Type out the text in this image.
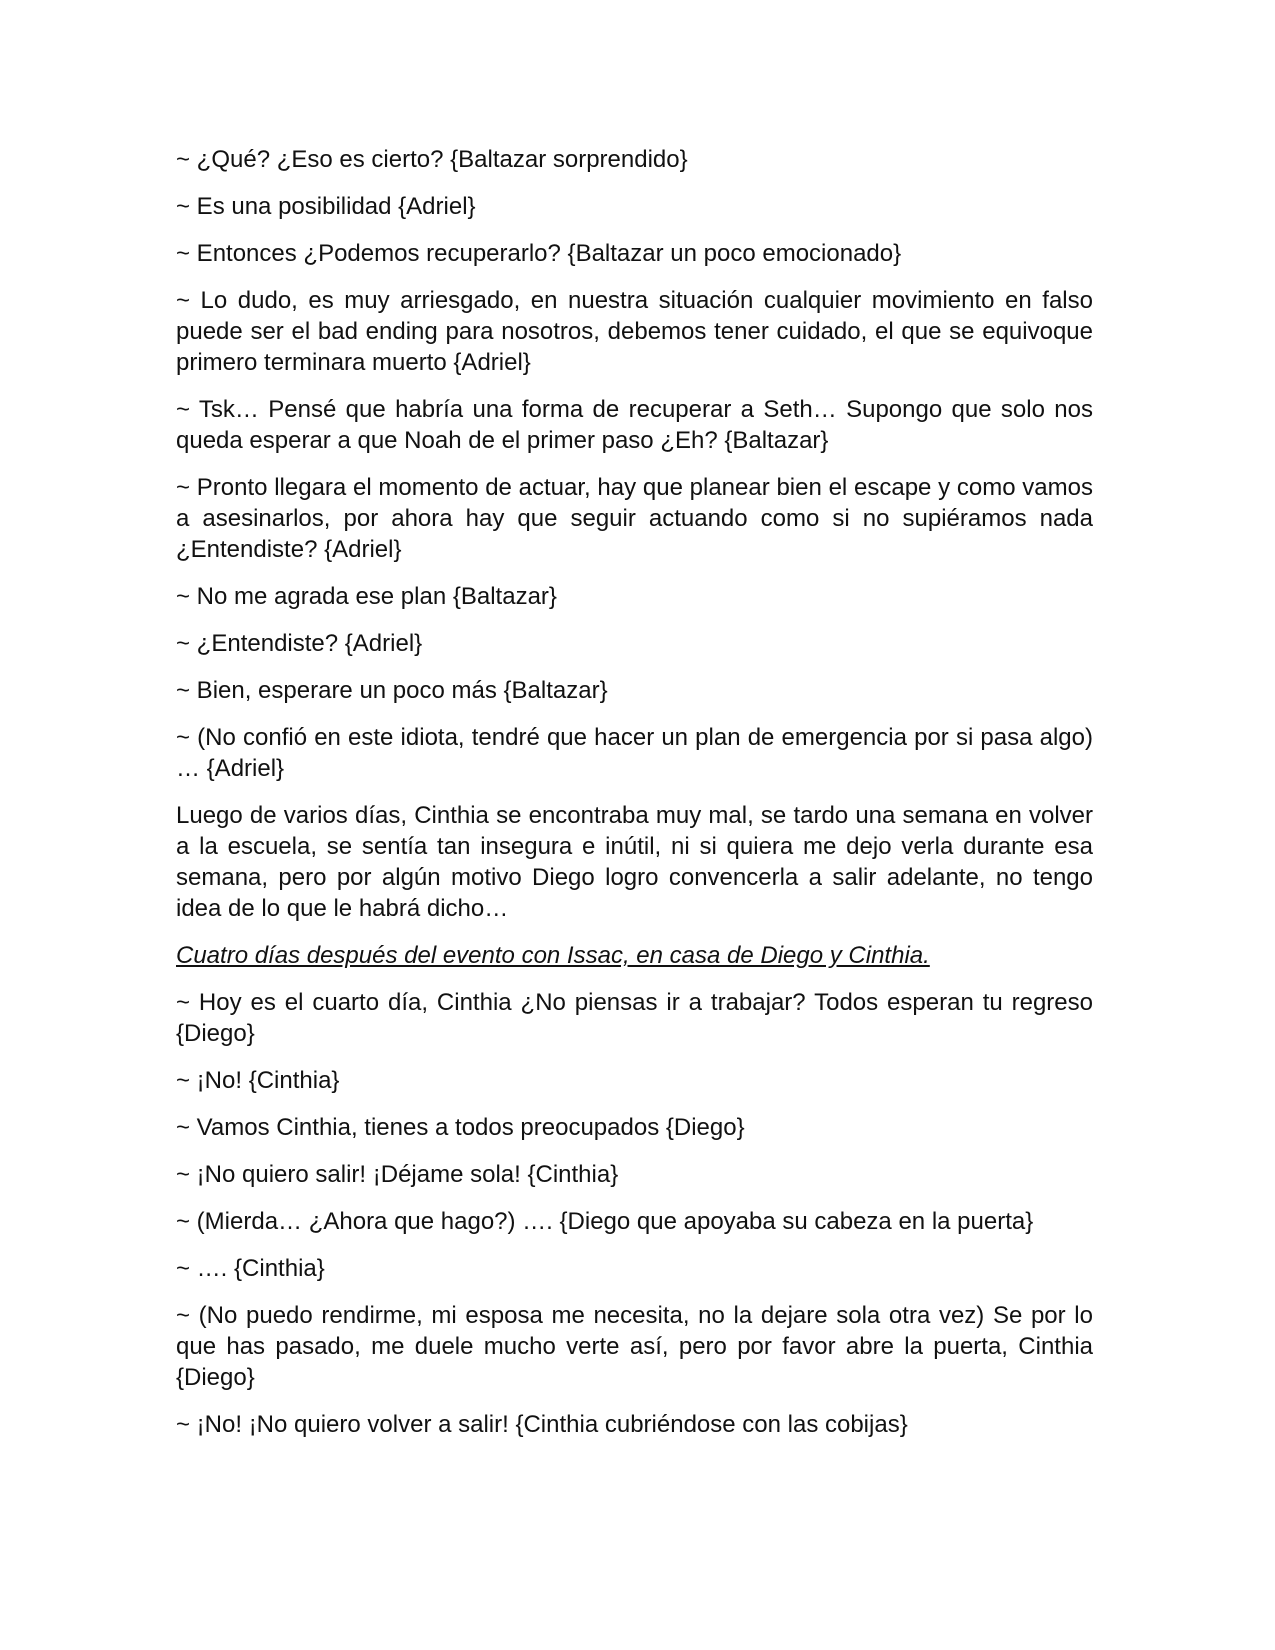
~ ¿Qué? ¿Eso es cierto? {Baltazar sorprendido}

~ Es una posibilidad {Adriel}

~ Entonces ¿Podemos recuperarlo? {Baltazar un poco emocionado}

~ Lo dudo, es muy arriesgado, en nuestra situación cualquier movimiento en falso puede ser el bad ending para nosotros, debemos tener cuidado, el que se equivoque primero terminara muerto {Adriel}

~ Tsk… Pensé que habría una forma de recuperar a Seth… Supongo que solo nos queda esperar a que Noah de el primer paso ¿Eh? {Baltazar}

~ Pronto llegara el momento de actuar, hay que planear bien el escape y como vamos a asesinarlos, por ahora hay que seguir actuando como si no supiéramos nada ¿Entendiste? {Adriel}

~ No me agrada ese plan {Baltazar}

~ ¿Entendiste? {Adriel}

~ Bien, esperare un poco más {Baltazar}

~ (No confió en este idiota, tendré que hacer un plan de emergencia por si pasa algo) … {Adriel}

Luego de varios días, Cinthia se encontraba muy mal, se tardo una semana en volver a la escuela, se sentía tan insegura e inútil, ni si quiera me dejo verla durante esa semana, pero por algún motivo Diego logro convencerla a salir adelante, no tengo idea de lo que le habrá dicho…

Cuatro días después del evento con Issac, en casa de Diego y Cinthia.

~ Hoy es el cuarto día, Cinthia ¿No piensas ir a trabajar? Todos esperan tu regreso {Diego}

~ ¡No! {Cinthia}

~ Vamos Cinthia, tienes a todos preocupados {Diego}

~ ¡No quiero salir! ¡Déjame sola! {Cinthia}

~ (Mierda… ¿Ahora que hago?) …. {Diego que apoyaba su cabeza en la puerta}

~ …. {Cinthia}

~ (No puedo rendirme, mi esposa me necesita, no la dejare sola otra vez) Se por lo que has pasado, me duele mucho verte así, pero por favor abre la puerta, Cinthia {Diego}

~ ¡No! ¡No quiero volver a salir! {Cinthia cubriéndose con las cobijas}
